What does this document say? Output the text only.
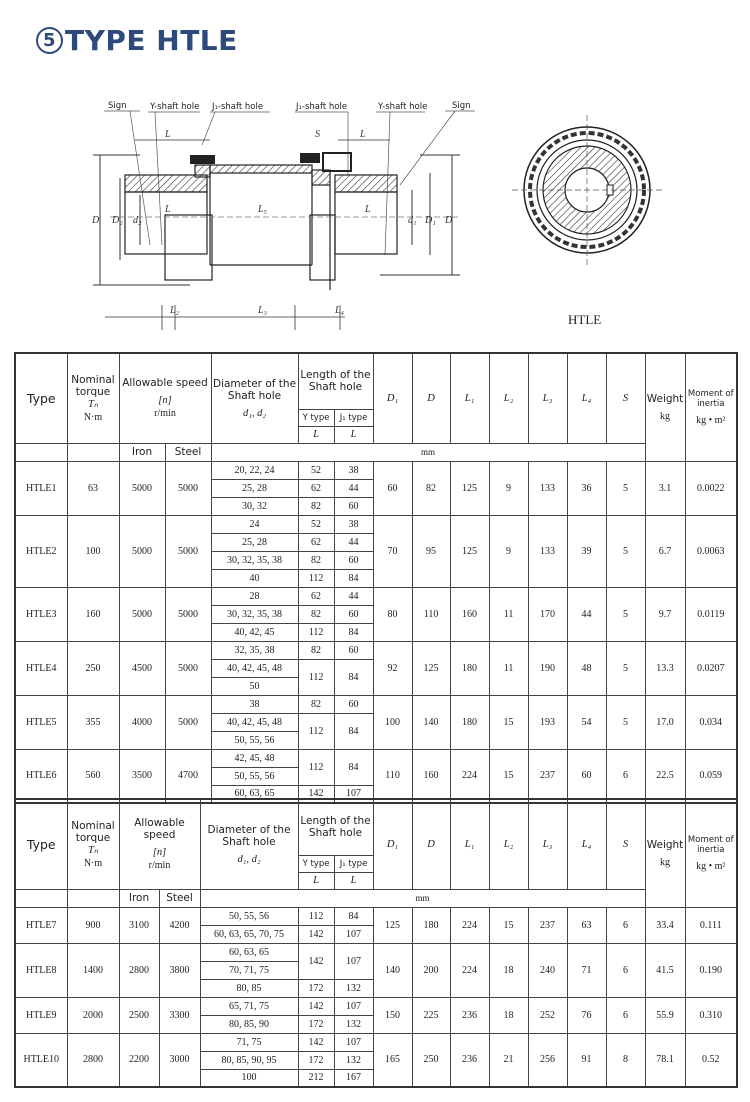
5 TYPE HTLE
Sign	Y-shaft hole J₁-shaft hole	J₁-shaft hole	Y-shaft hole	Sign
L	L
S
L	L₅	L
D D₂ d₂	d₁ D₁ D
L₂	L₃	L₄
HTLE
Type	Nominal
torque
Tₙ
N·m	Allowable speed
[n]
r/min		Diameter of the
Shaft hole
d₁, d₂	Length of the
Shaft hole		D₁	D	L₁	L₂	L₃	L₄	S	Weight
kg	Moment of
inertia
kg • m²

					Y type	J₁ type									
					L	L									

		Iron	Steel	mm											
HTLE1	63	5000	5000	20, 22, 24	52	38	60	82	125	9	133	36	5	3.1	0.0022
				25, 28	62	44									
				30, 32	82	60									
HTLE2	100	5000	5000	24	52	38	70	95	125	9	133	39	5	6.7	0.0063
				25, 28	62	44									
				30, 32, 35, 38	82	60									
				40	112	84									
HTLE3	160	5000	5000	28	62	44	80	110	160	11	170	44	5	9.7	0.0119
				30, 32, 35, 38	82	60									
				40, 42, 45	112	84									
HTLE4	250	4500	5000	32, 35, 38	82	60	92	125	180	11	190	48	5	13.3	0.0207
				40, 42, 45, 48	112	84									
				50											
HTLE5	355	4000	5000	38	82	60	100	140	180	15	193	54	5	17.0	0.034
				40, 42, 45, 48	112	84									
				50, 55, 56											
HTLE6	560	3500	4700	42, 45, 48	112	84	110	160	224	15	237	60	6	22.5	0.059
				50, 55, 56											
				60, 63, 65	142	107									
Type	Nominal
torque
Tₙ
N·m	Allowable speed
[n]
r/min		Diameter of the
Shaft hole
d₁, d₂	Length of the
Shaft hole		D₁	D	L₁	L₂	L₃	L₄	S	Weight
kg	Moment of
inertia
kg • m²

					Y type	J₁ type									
					L	L									

		Iron	Steel	mm											
HTLE7	900	3100	4200	50, 55, 56	112	84	125	180	224	15	237	63	6	33.4	0.111
				60, 63, 65, 70, 75	142	107									
HTLE8	1400	2800	3800	60, 63, 65	142	107	140	200	224	18	240	71	6	41.5	0.190
				70, 71, 75											
				80, 85	172	132									
HTLE9	2000	2500	3300	65, 71, 75	142	107	150	225	236	18	252	76	6	55.9	0.310
				80, 85, 90	172	132									
HTLE10	2800	2200	3000	71, 75	142	107	165	250	236	21	256	91	8	78.1	0.52
				80, 85, 90, 95	172	132									
				100	212	167									
